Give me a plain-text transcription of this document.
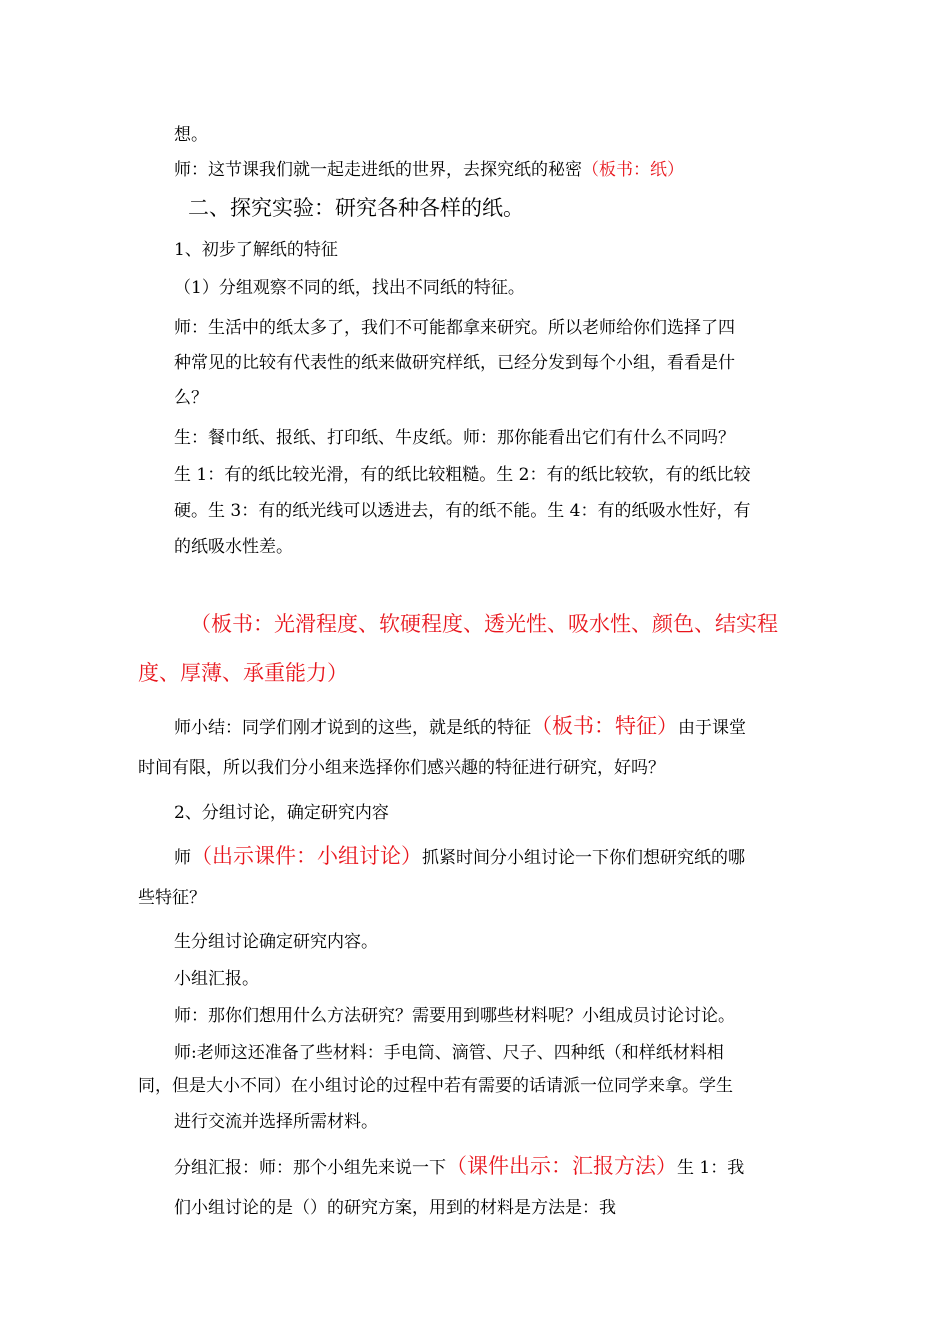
想。
师：这节课我们就一起走进纸的世界，去探究纸的秘密（板书：纸）
二、探究实验：研究各种各样的纸。
1、初步了解纸的特征
（1）分组观察不同的纸，找出不同纸的特征。
师：生活中的纸太多了，我们不可能都拿来研究。所以老师给你们选择了四
种常见的比较有代表性的纸来做研究样纸，已经分发到每个小组，看看是什
么？
生：餐巾纸、报纸、打印纸、牛皮纸。师：那你能看出它们有什么不同吗？
生 1：有的纸比较光滑，有的纸比较粗糙。生 2：有的纸比较软，有的纸比较
硬。生 3：有的纸光线可以透进去，有的纸不能。生 4：有的纸吸水性好，有
的纸吸水性差。
（板书：光滑程度、软硬程度、透光性、吸水性、颜色、结实程
度、厚薄、承重能力）
师小结：同学们刚才说到的这些，就是纸的特征（板书：特征）由于课堂
时间有限，所以我们分小组来选择你们感兴趣的特征进行研究，好吗？
2、分组讨论，确定研究内容
师（出示课件：小组讨论）抓紧时间分小组讨论一下你们想研究纸的哪
些特征？
生分组讨论确定研究内容。
小组汇报。
师：那你们想用什么方法研究？需要用到哪些材料呢？小组成员讨论讨论。
师:老师这还准备了些材料：手电筒、滴管、尺子、四种纸（和样纸材料相
同，但是大小不同）在小组讨论的过程中若有需要的话请派一位同学来拿。学生
进行交流并选择所需材料。
分组汇报：师：那个小组先来说一下（课件出示：汇报方法）生 1：我
们小组讨论的是（）的研究方案，用到的材料是方法是：我
